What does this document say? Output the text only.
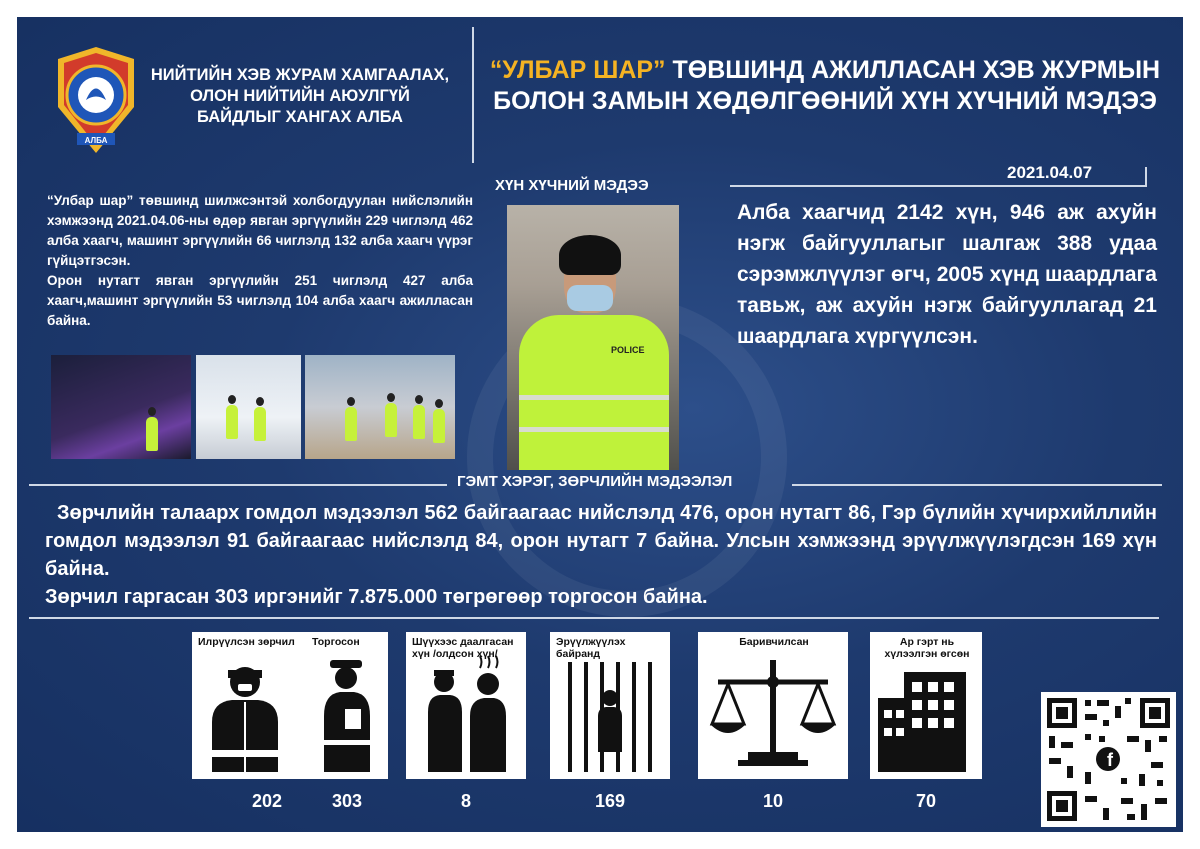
АЛБА
НИЙТИЙН ХЭВ ЖУРАМ ХАМГААЛАХ,
ОЛОН НИЙТИЙН АЮУЛГҮЙ
БАЙДЛЫГ ХАНГАХ АЛБА
“УЛБАР ШАР” ТӨВШИНД АЖИЛЛАСАН ХЭВ ЖУРМЫН
БОЛОН ЗАМЫН ХӨДӨЛГӨӨНИЙ ХҮН ХҮЧНИЙ МЭДЭЭ
2021.04.07

“Улбар шар” төвшинд шилжсэнтэй холбогдуулан нийслэлийн хэмжээнд 2021.04.06-ны өдөр явган эргүүлийн 229 чиглэлд 462 алба хаагч, машинт эргүүлийн 66 чиглэлд 132 алба хаагч үүрэг гүйцэтгэсэн.

Орон нутагт явган эргүүлийн 251 чиглэлд 427 алба хаагч,машинт эргүүлийн 53 чиглэлд 104 алба хаагч ажилласан байна.

ХҮН ХҮЧНИЙ МЭДЭЭ
POLICE
Алба хаагчид 2142 хүн, 946 аж ахуйн нэгж байгууллагыг шалгаж 388 удаа сэрэмжлүүлэг өгч, 2005 хүнд шаардлага тавьж, аж ахуйн нэгж байгууллагад 21 шаардлага хүргүүлсэн.
ГЭМТ ХЭРЭГ, ЗӨРЧЛИЙН МЭДЭЭЛЭЛ

Зөрчлийн талаарх гомдол мэдээлэл 562 байгаагаас нийслэлд 476, орон нутагт 86, Гэр бүлийн хүчирхийллийн гомдол мэдээлэл 91 байгаагаас нийслэлд 84, орон нутагт 7 байна. Улсын хэмжээнд эрүүлжүүлэгдсэн 169 хүн байна.

Зөрчил гаргасан 303 иргэнийг 7.875.000 төгрөгөөр торгосон байна.

Илрүүлсэн зөрчил
202
Торгосон
303
Шүүхээс даалгасан хүн /олдсон хүн/
8
Эрүүлжүүлэх байранд
169
Баривчилсан
10
Ар гэрт нь хүлээлгэн өгсөн
70
f
